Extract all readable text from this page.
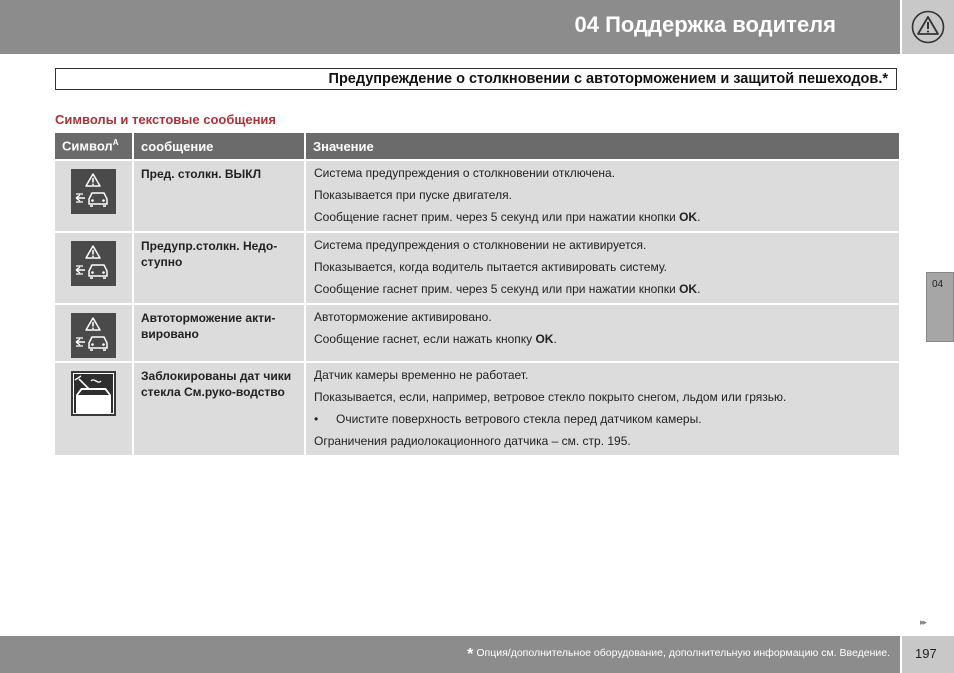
04 Поддержка водителя
Предупреждение о столкновении с автоторможением и защитой пешеходов.*
Символы и текстовые сообщения
Символ$^A$	сообщение	Значение
	Пред. столкн. ВЫКЛ	Система предупреждения о столкновении отключена.
Показывается при пуске двигателя.
Сообщение гаснет прим. через 5 секунд или при нажатии кнопки OK.

	Предупр.столкн. Недо-ступно	Система предупреждения о столкновении не активируется.
Показывается, когда водитель пытается активировать систему.
Сообщение гаснет прим. через 5 секунд или при нажатии кнопки OK.

	Автоторможение акти-вировано	Автоторможение активировано.
Сообщение гаснет, если нажать кнопку OK.

	Заблокированы дат чики стекла См.руко-водство	Датчик камеры временно не работает.
Показывается, если, например, ветровое стекло покрыто снегом, льдом или грязью.
• Очистите поверхность ветрового стекла перед датчиком камеры.
Ограничения радиолокационного датчика – см. стр. 195.
04
▸▸
* Опция/дополнительное оборудование, дополнительную информацию см. Введение. 197
